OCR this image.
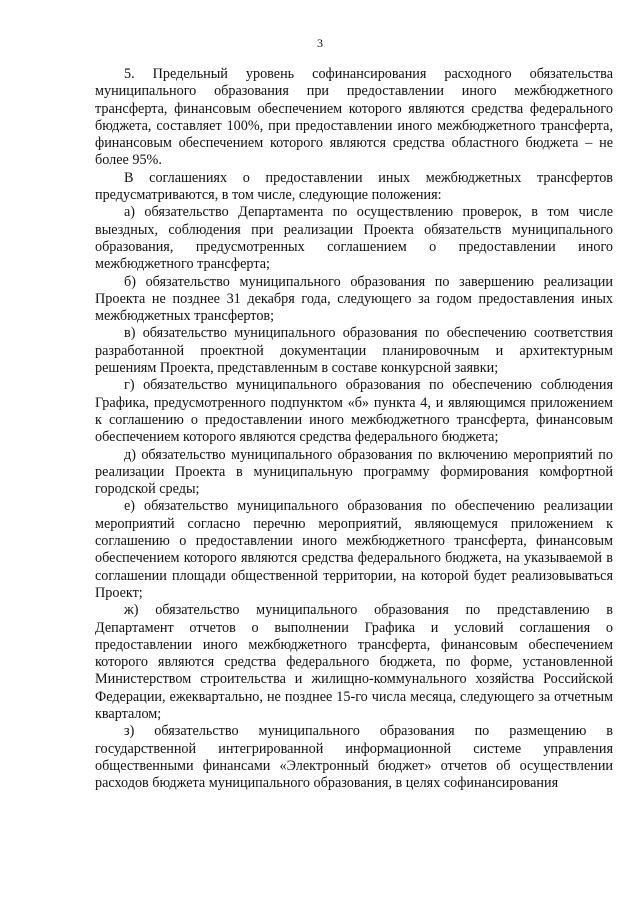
3

5. Предельный уровень софинансирования расходного обязательства муниципального образования при предоставлении иного межбюджетного трансферта, финансовым обеспечением которого являются средства федерального бюджета, составляет 100%, при предоставлении иного межбюджетного трансферта, финансовым обеспечением которого являются средства областного бюджета – не более 95%.

В соглашениях о предоставлении иных межбюджетных трансфертов предусматриваются, в том числе, следующие положения:

а) обязательство Департамента по осуществлению проверок, в том числе выездных, соблюдения при реализации Проекта обязательств муниципального образования, предусмотренных соглашением о предоставлении иного межбюджетного трансферта;

б) обязательство муниципального образования по завершению реализации Проекта не позднее 31 декабря года, следующего за годом предоставления иных межбюджетных трансфертов;

в) обязательство муниципального образования по обеспечению соответствия разработанной проектной документации планировочным и архитектурным решениям Проекта, представленным в составе конкурсной заявки;

г) обязательство муниципального образования по обеспечению соблюдения Графика, предусмотренного подпунктом «б» пункта 4, и являющимся приложением к соглашению о предоставлении иного межбюджетного трансферта, финансовым обеспечением которого являются средства федерального бюджета;

д) обязательство муниципального образования по включению мероприятий по реализации Проекта в муниципальную программу формирования комфортной городской среды;

е) обязательство муниципального образования по обеспечению реализации мероприятий согласно перечню мероприятий, являющемуся приложением к соглашению о предоставлении иного межбюджетного трансферта, финансовым обеспечением которого являются средства федерального бюджета, на указываемой в соглашении площади общественной территории, на которой будет реализовываться Проект;

ж) обязательство муниципального образования по представлению в Департамент отчетов о выполнении Графика и условий соглашения о предоставлении иного межбюджетного трансферта, финансовым обеспечением которого являются средства федерального бюджета, по форме, установленной Министерством строительства и жилищно-коммунального хозяйства Российской Федерации, ежеквартально, не позднее 15-го числа месяца, следующего за отчетным кварталом;

з) обязательство муниципального образования по размещению в государственной интегрированной информационной системе управления общественными финансами «Электронный бюджет» отчетов об осуществлении расходов бюджета муниципального образования, в целях софинансирования
